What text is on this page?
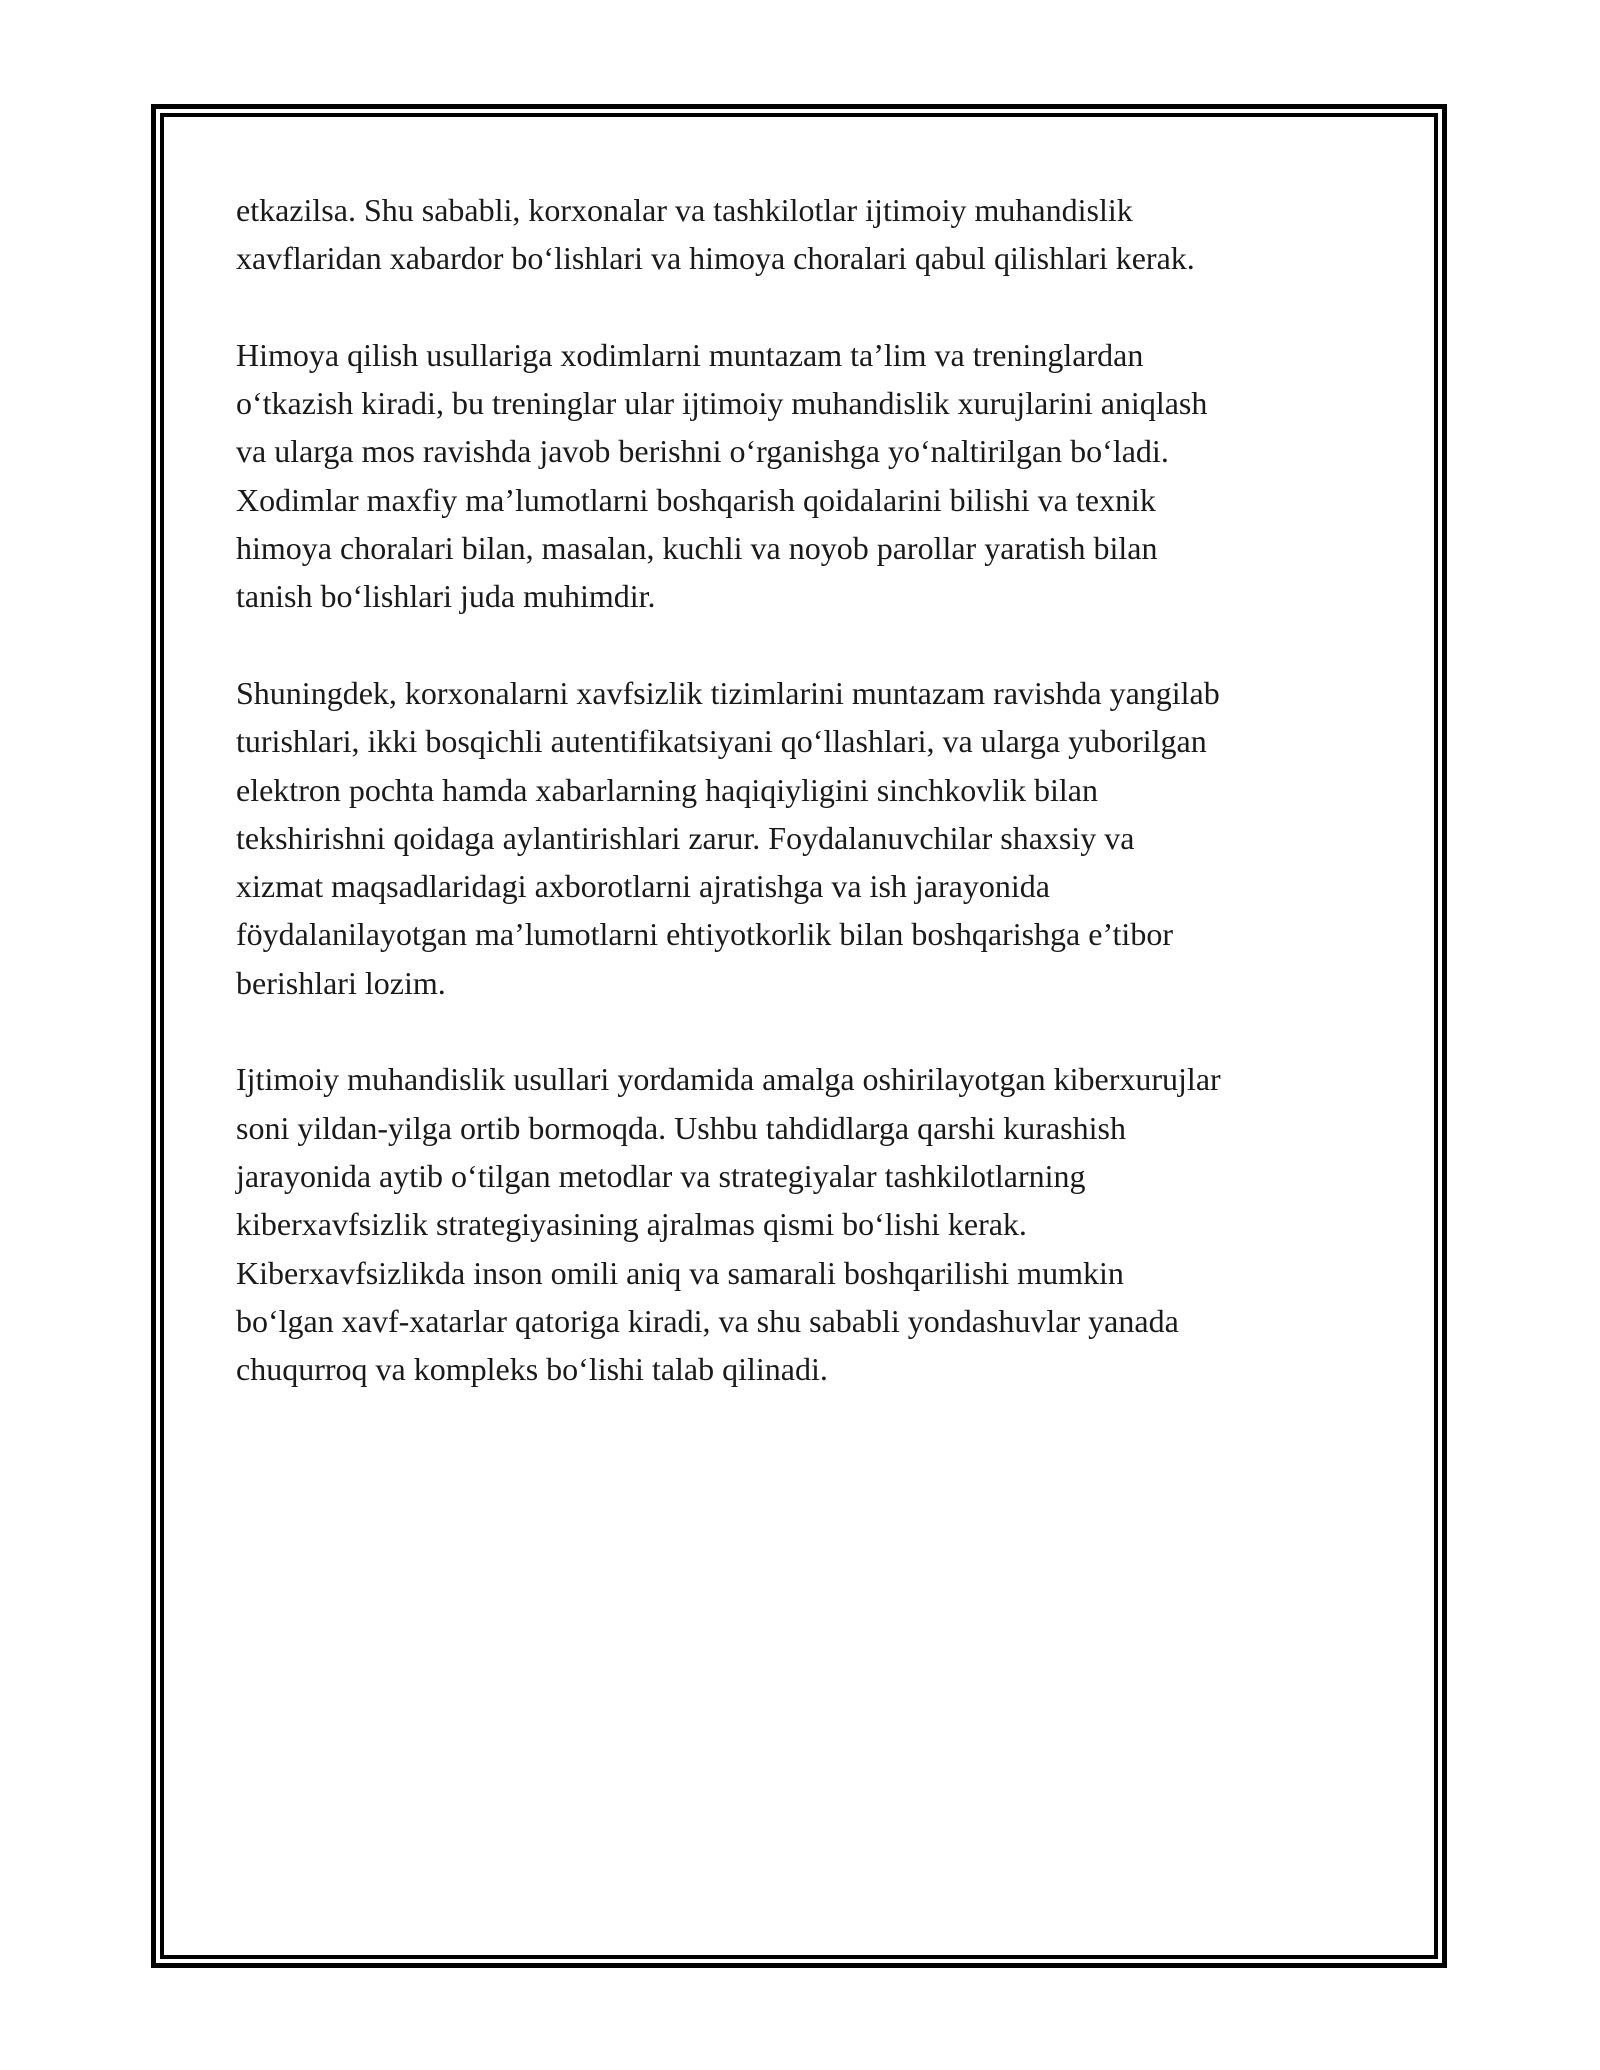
etkazilsa. Shu sababli, korxonalar va tashkilotlar ijtimoiy muhandislik
xavflaridan xabardor bo‘lishlari va himoya choralari qabul qilishlari kerak.

Himoya qilish usullariga xodimlarni muntazam ta’lim va treninglardan
o‘tkazish kiradi, bu treninglar ular ijtimoiy muhandislik xurujlarini aniqlash
va ularga mos ravishda javob berishni o‘rganishga yo‘naltirilgan bo‘ladi.
Xodimlar maxfiy ma’lumotlarni boshqarish qoidalarini bilishi va texnik
himoya choralari bilan, masalan, kuchli va noyob parollar yaratish bilan
tanish bo‘lishlari juda muhimdir.

Shuningdek, korxonalarni xavfsizlik tizimlarini muntazam ravishda yangilab
turishlari, ikki bosqichli autentifikatsiyani qo‘llashlari, va ularga yuborilgan
elektron pochta hamda xabarlarning haqiqiyligini sinchkovlik bilan
tekshirishni qoidaga aylantirishlari zarur. Foydalanuvchilar shaxsiy va
xizmat maqsadlaridagi axborotlarni ajratishga va ish jarayonida
föydalanilayotgan ma’lumotlarni ehtiyotkorlik bilan boshqarishga e’tibor
berishlari lozim.

Ijtimoiy muhandislik usullari yordamida amalga oshirilayotgan kiberxurujlar
soni yildan-yilga ortib bormoqda. Ushbu tahdidlarga qarshi kurashish
jarayonida aytib o‘tilgan metodlar va strategiyalar tashkilotlarning
kiberxavfsizlik strategiyasining ajralmas qismi bo‘lishi kerak.
Kiberxavfsizlikda inson omili aniq va samarali boshqarilishi mumkin
bo‘lgan xavf-xatarlar qatoriga kiradi, va shu sababli yondashuvlar yanada
chuqurroq va kompleks bo‘lishi talab qilinadi.
